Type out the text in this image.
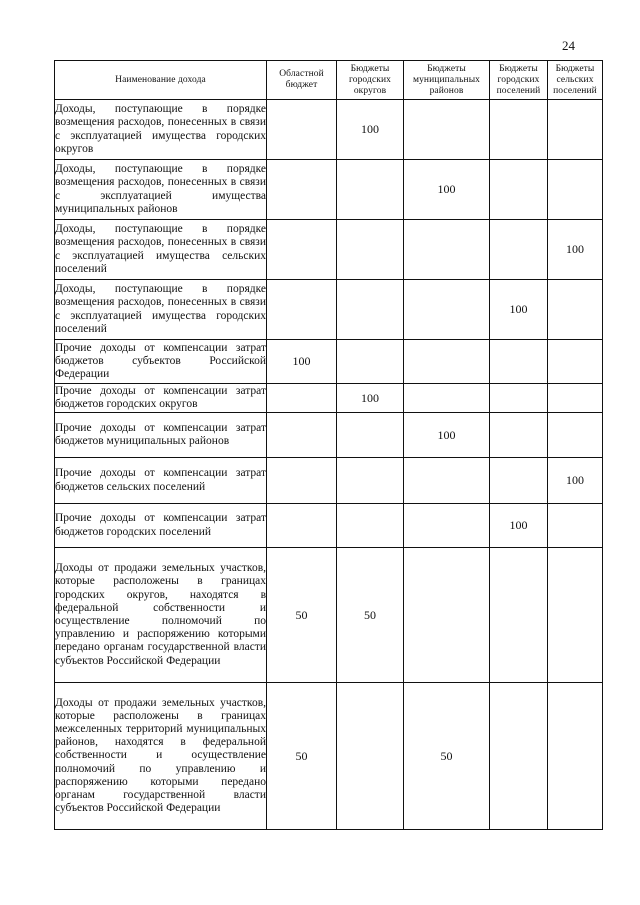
24
Наименование дохода	Областной бюджет	Бюджеты городских округов	Бюджеты муниципальных районов	Бюджеты городских поселений	Бюджеты сельских поселений
Доходы, поступающие в порядке возмещения расходов, понесенных в связи с эксплуатацией имущества городских округов		100			
Доходы, поступающие в порядке возмещения расходов, понесенных в связи с эксплуатацией имущества муниципальных районов			100		
Доходы, поступающие в порядке возмещения расходов, понесенных в связи с эксплуатацией имущества сельских поселений					100
Доходы, поступающие в порядке возмещения расходов, понесенных в связи с эксплуатацией имущества городских поселений				100	
Прочие доходы от компенсации затрат бюджетов субъектов Российской Федерации	100				
Прочие доходы от компенсации затрат бюджетов городских округов		100			
Прочие доходы от компенсации затрат бюджетов муниципальных районов			100		
Прочие доходы от компенсации затрат бюджетов сельских поселений					100
Прочие доходы от компенсации затрат бюджетов городских поселений				100	
Доходы от продажи земельных участков, которые расположены в границах городских округов, находятся в федеральной собственности и осуществление полномочий по управлению и распоряжению которыми передано органам государственной власти субъектов Российской Федерации	50	50			
Доходы от продажи земельных участков, которые расположены в границах межселенных территорий муниципальных районов, находятся в федеральной собственности и осуществление полномочий по управлению и распоряжению которыми передано органам государственной власти субъектов Российской Федерации	50		50		
